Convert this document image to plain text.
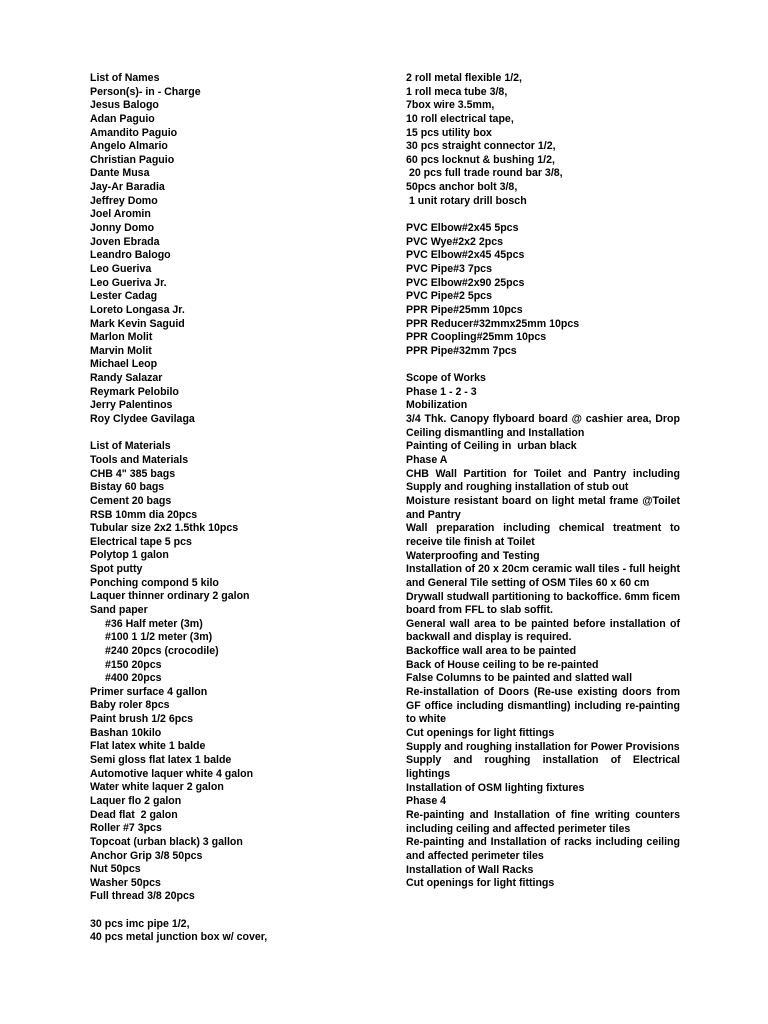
List of Names
Person(s)- in - Charge
Jesus Balogo
Adan Paguio
Amandito Paguio
Angelo Almario
Christian Paguio
Dante Musa
Jay-Ar Baradia
Jeffrey Domo
Joel Aromin
Jonny Domo
Joven Ebrada
Leandro Balogo
Leo Gueriva
Leo Gueriva Jr.
Lester Cadag
Loreto Longasa Jr.
Mark Kevin Saguid
Marlon Molit
Marvin Molit
Michael Leop
Randy Salazar
Reymark Pelobilo
Jerry Palentinos
Roy Clydee Gavilaga
List of Materials
Tools and Materials
CHB 4" 385 bags
Bistay 60 bags
Cement 20 bags
RSB 10mm dia 20pcs
Tubular size 2x2 1.5thk 10pcs
Electrical tape 5 pcs
Polytop 1 galon
Spot putty
Ponching compond 5 kilo
Laquer thinner ordinary 2 galon
Sand paper
#36 Half meter (3m)
#100 1 1/2 meter (3m)
#240 20pcs (crocodile)
#150 20pcs
#400 20pcs
Primer surface 4 gallon
Baby roler 8pcs
Paint brush 1/2 6pcs
Bashan 10kilo
Flat latex white 1 balde
Semi gloss flat latex 1 balde
Automotive laquer white 4 galon
Water white laquer 2 galon
Laquer flo 2 galon
Dead flat  2 galon
Roller #7 3pcs
Topcoat (urban black) 3 gallon
Anchor Grip 3/8 50pcs
Nut 50pcs
Washer 50pcs
Full thread 3/8 20pcs
30 pcs imc pipe 1/2,
40 pcs metal junction box w/ cover,
2 roll metal flexible 1/2,
1 roll meca tube 3/8,
7box wire 3.5mm,
10 roll electrical tape,
15 pcs utility box
30 pcs straight connector 1/2,
60 pcs locknut & bushing 1/2,
20 pcs full trade round bar 3/8,
50pcs anchor bolt 3/8,
1 unit rotary drill bosch
PVC Elbow#2x45 5pcs
PVC Wye#2x2 2pcs
PVC Elbow#2x45 45pcs
PVC Pipe#3 7pcs
PVC Elbow#2x90 25pcs
PVC Pipe#2 5pcs
PPR Pipe#25mm 10pcs
PPR Reducer#32mmx25mm 10pcs
PPR Coopling#25mm 10pcs
PPR Pipe#32mm 7pcs
Scope of Works
Phase 1 - 2 - 3
Mobilization
3/4 Thk. Canopy flyboard board @ cashier area, Drop Ceiling dismantling and Installation
Painting of Ceiling in  urban black
Phase A
CHB Wall Partition for Toilet and Pantry including Supply and roughing installation of stub out
Moisture resistant board on light metal frame @Toilet and Pantry
Wall preparation including chemical treatment to receive tile finish at Toilet
Waterproofing and Testing
Installation of 20 x 20cm ceramic wall tiles - full height and General Tile setting of OSM Tiles 60 x 60 cm
Drywall studwall partitioning to backoffice. 6mm ficem board from FFL to slab soffit.
General wall area to be painted before installation of backwall and display is required.
Backoffice wall area to be painted
Back of House ceiling to be re-painted
False Columns to be painted and slatted wall
Re-installation of Doors (Re-use existing doors from GF office including dismantling) including re-painting to white
Cut openings for light fittings
Supply and roughing installation for Power Provisions
Supply and roughing installation of Electrical lightings
Installation of OSM lighting fixtures
Phase 4
Re-painting and Installation of fine writing counters including ceiling and affected perimeter tiles
Re-painting and Installation of racks including ceiling and affected perimeter tiles
Installation of Wall Racks
Cut openings for light fittings
